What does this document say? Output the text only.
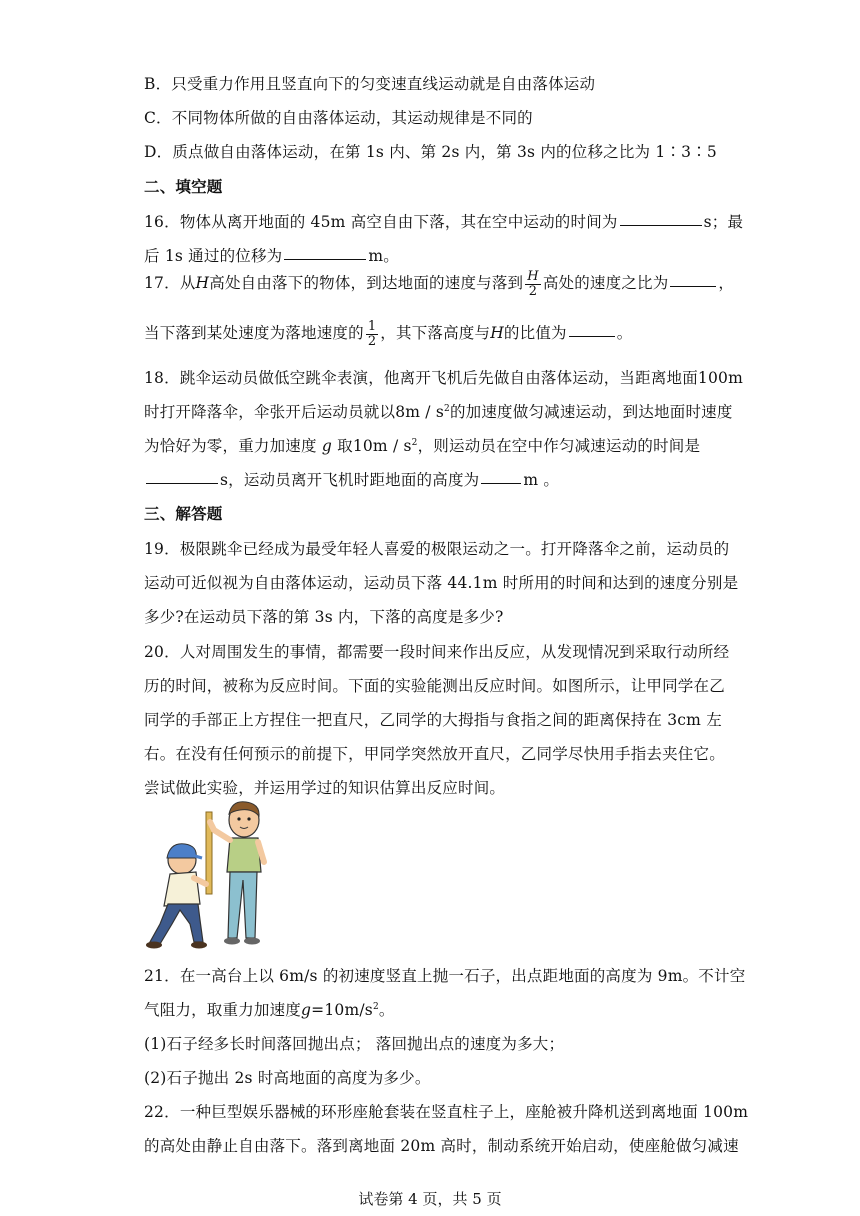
B．只受重力作用且竖直向下的匀变速直线运动就是自由落体运动
C．不同物体所做的自由落体运动，其运动规律是不同的
D．质点做自由落体运动，在第 1s 内、第 2s 内，第 3s 内的位移之比为 1∶3∶5
二、填空题
16．物体从离开地面的 45m 高空自由下落，其在空中运动的时间为	s；最
后 1s 通过的位移为	m。
17．从H高处自由落下的物体，到达地面的速度与落到 $\frac{H}{2}$ 高处的速度之比为	，
当下落到某处速度为落地速度的 $\frac{1}{2}$ ，其下落高度与H的比值为	。
18．跳伞运动员做低空跳伞表演，他离开飞机后先做自由落体运动，当距离地面100m
时打开降落伞，伞张开后运动员就以$8m / s^2$的加速度做匀减速运动，到达地面时速度
为恰好为零，重力加速度 g 取$10m / s^2$，则运动员在空中作匀减速运动的时间是
s，运动员离开飞机时距地面的高度为	m 。
三、解答题
19．极限跳伞已经成为最受年轻人喜爱的极限运动之一。打开降落伞之前，运动员的
运动可近似视为自由落体运动，运动员下落 44.1m 时所用的时间和达到的速度分别是
多少?在运动员下落的第 3s 内，下落的高度是多少?
20．人对周围发生的事情，都需要一段时间来作出反应，从发现情况到采取行动所经
历的时间，被称为反应时间。下面的实验能测出反应时间。如图所示，让甲同学在乙
同学的手部正上方捏住一把直尺，乙同学的大拇指与食指之间的距离保持在 3cm 左
右。在没有任何预示的前提下，甲同学突然放开直尺，乙同学尽快用手指去夹住它。
尝试做此实验，并运用学过的知识估算出反应时间。
21．在一高台上以 6m/s 的初速度竖直上抛一石子，出点距地面的高度为 9m。不计空
气阻力，取重力加速度$g=10m/s^2$。
(1)石子经多长时间落回抛出点； 落回抛出点的速度为多大；
(2)石子抛出 2s 时高地面的高度为多少。
22．一种巨型娱乐器械的环形座舱套装在竖直柱子上，座舱被升降机送到离地面 100m
的高处由静止自由落下。落到离地面 20m 高时，制动系统开始启动，使座舱做匀减速
试卷第 4 页，共 5 页
